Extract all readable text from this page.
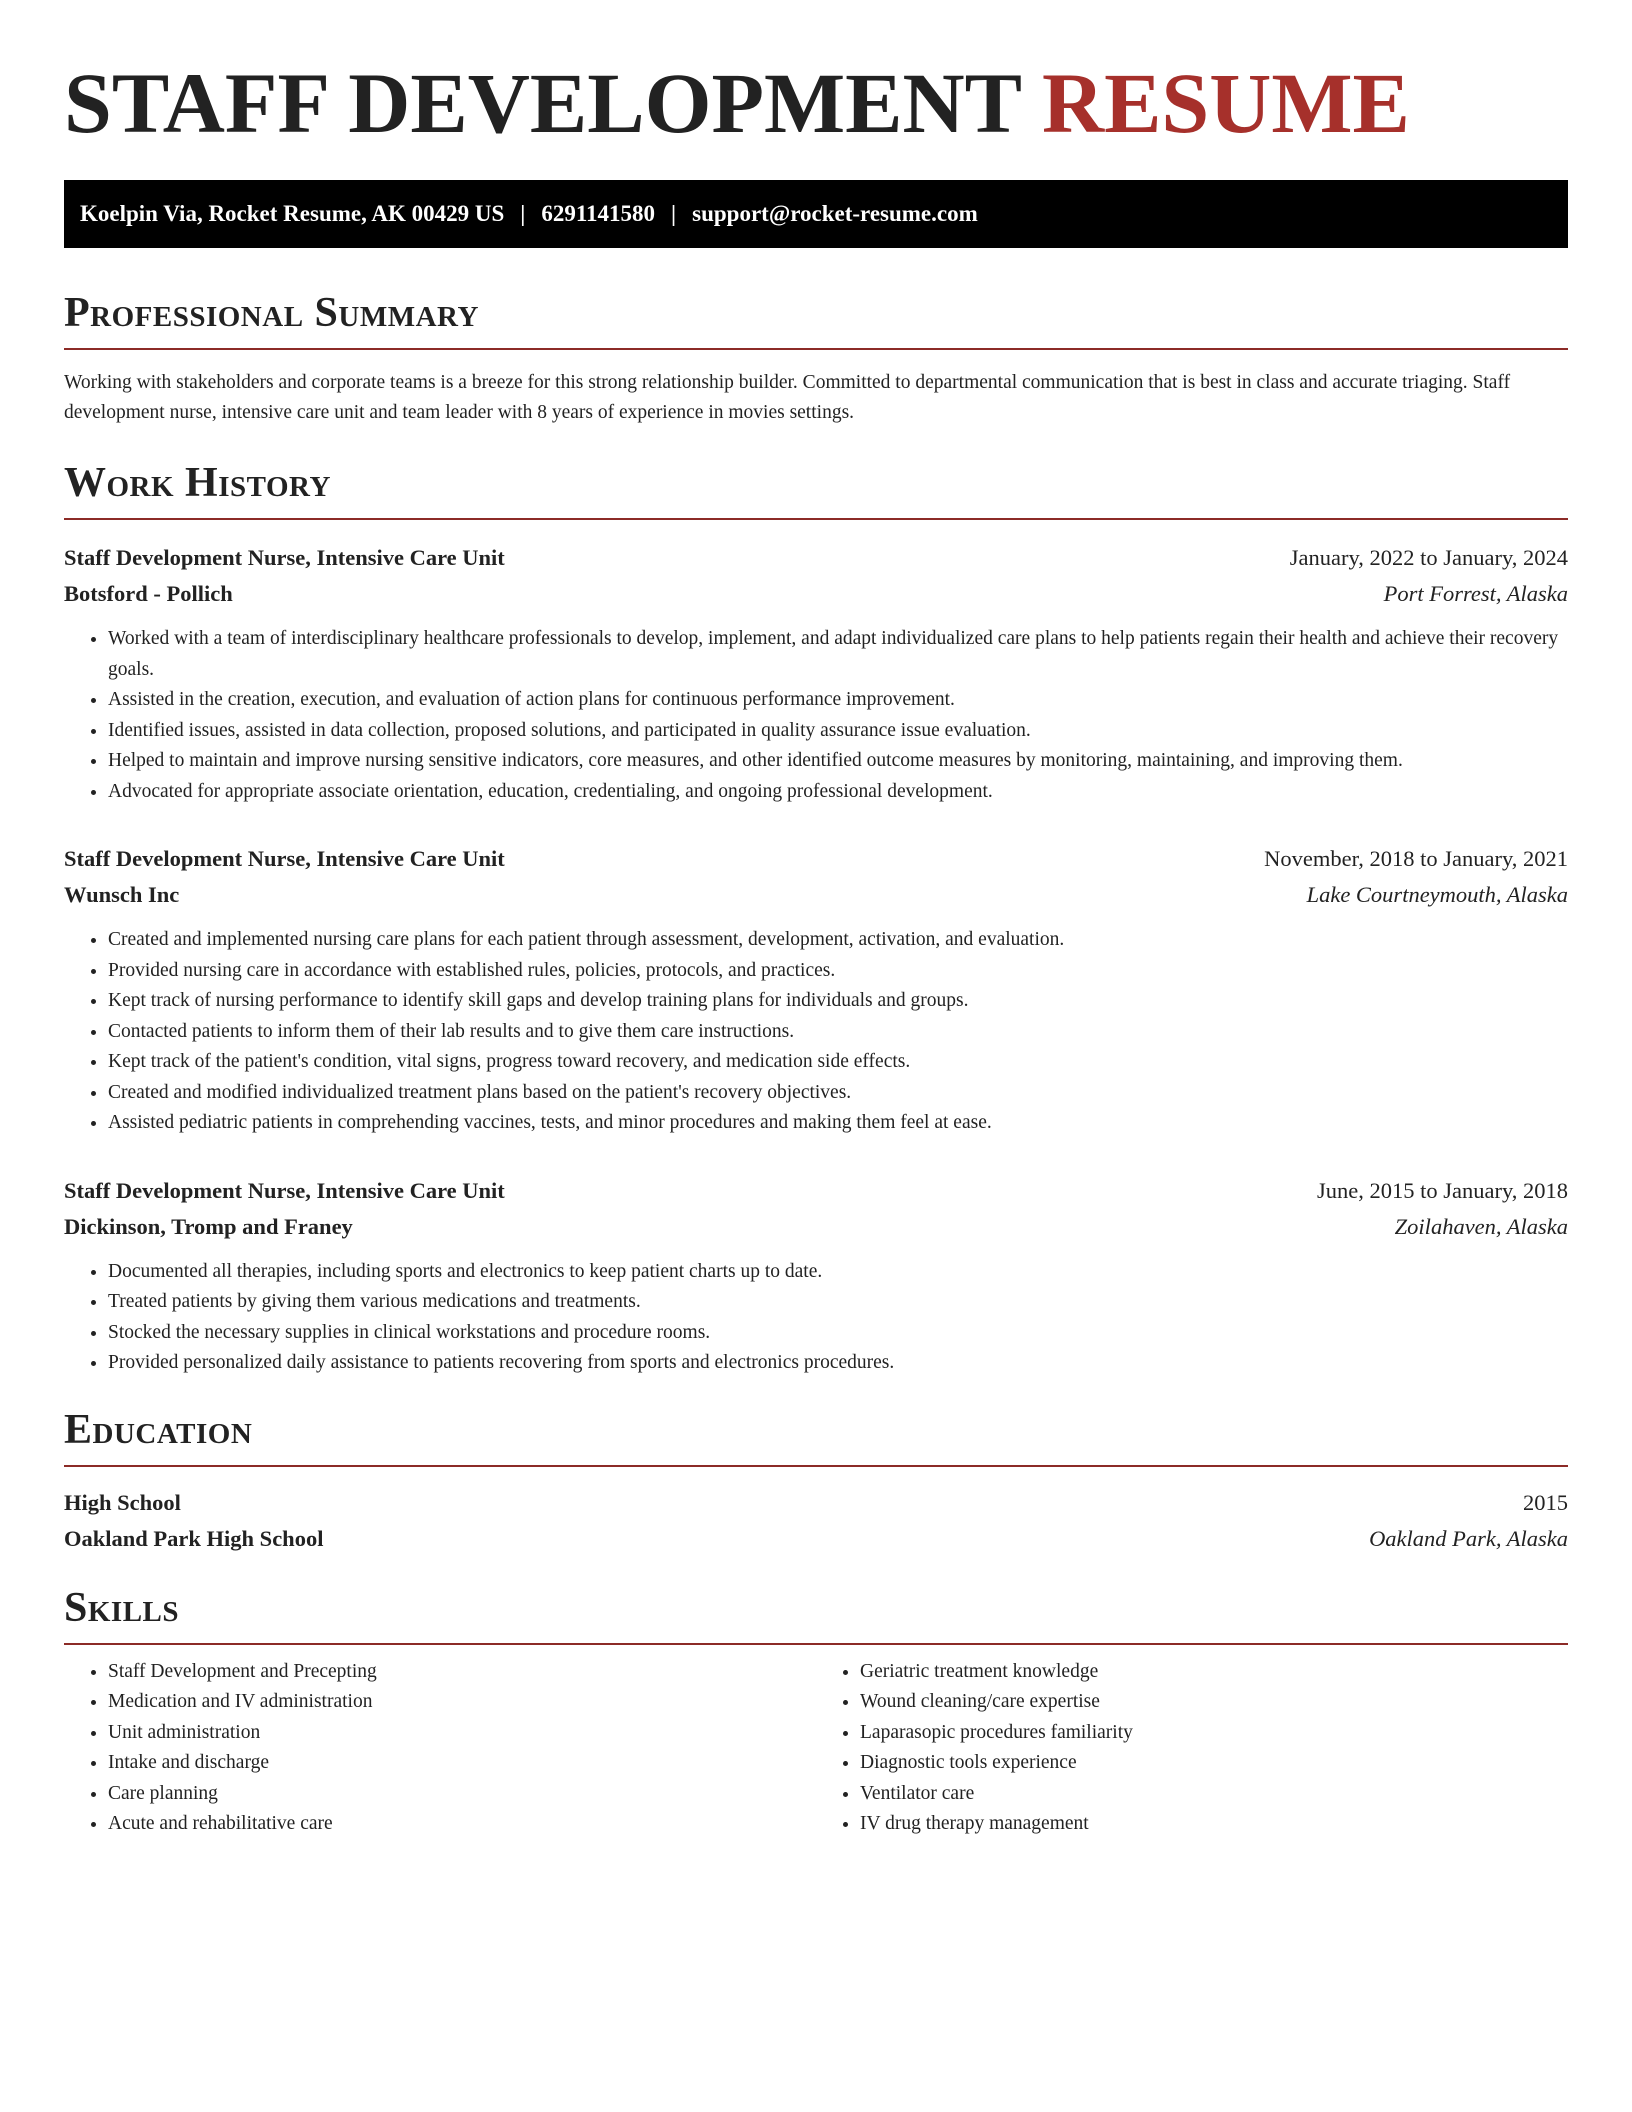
STAFF DEVELOPMENT RESUME
Koelpin Via, Rocket Resume, AK 00429 US | 6291141580 | support@rocket-resume.com
Professional Summary
Working with stakeholders and corporate teams is a breeze for this strong relationship builder. Committed to departmental communication that is best in class and accurate triaging. Staff development nurse, intensive care unit and team leader with 8 years of experience in movies settings.
Work History
Staff Development Nurse, Intensive Care Unit	January, 2022 to January, 2024
Botsford - Pollich	Port Forrest, Alaska
• Worked with a team of interdisciplinary healthcare professionals to develop, implement, and adapt individualized care plans to help patients regain their health and achieve their recovery goals.
• Assisted in the creation, execution, and evaluation of action plans for continuous performance improvement.
• Identified issues, assisted in data collection, proposed solutions, and participated in quality assurance issue evaluation.
• Helped to maintain and improve nursing sensitive indicators, core measures, and other identified outcome measures by monitoring, maintaining, and improving them.
• Advocated for appropriate associate orientation, education, credentialing, and ongoing professional development.
Staff Development Nurse, Intensive Care Unit	November, 2018 to January, 2021
Wunsch Inc	Lake Courtneymouth, Alaska
• Created and implemented nursing care plans for each patient through assessment, development, activation, and evaluation.
• Provided nursing care in accordance with established rules, policies, protocols, and practices.
• Kept track of nursing performance to identify skill gaps and develop training plans for individuals and groups.
• Contacted patients to inform them of their lab results and to give them care instructions.
• Kept track of the patient's condition, vital signs, progress toward recovery, and medication side effects.
• Created and modified individualized treatment plans based on the patient's recovery objectives.
• Assisted pediatric patients in comprehending vaccines, tests, and minor procedures and making them feel at ease.
Staff Development Nurse, Intensive Care Unit	June, 2015 to January, 2018
Dickinson, Tromp and Franey	Zoilahaven, Alaska
• Documented all therapies, including sports and electronics to keep patient charts up to date.
• Treated patients by giving them various medications and treatments.
• Stocked the necessary supplies in clinical workstations and procedure rooms.
• Provided personalized daily assistance to patients recovering from sports and electronics procedures.
Education
High School	2015
Oakland Park High School	Oakland Park, Alaska
Skills
• Staff Development and Precepting
• Medication and IV administration
• Unit administration
• Intake and discharge
• Care planning
• Acute and rehabilitative care
• Geriatric treatment knowledge
• Wound cleaning/care expertise
• Laparasopic procedures familiarity
• Diagnostic tools experience
• Ventilator care
• IV drug therapy management
